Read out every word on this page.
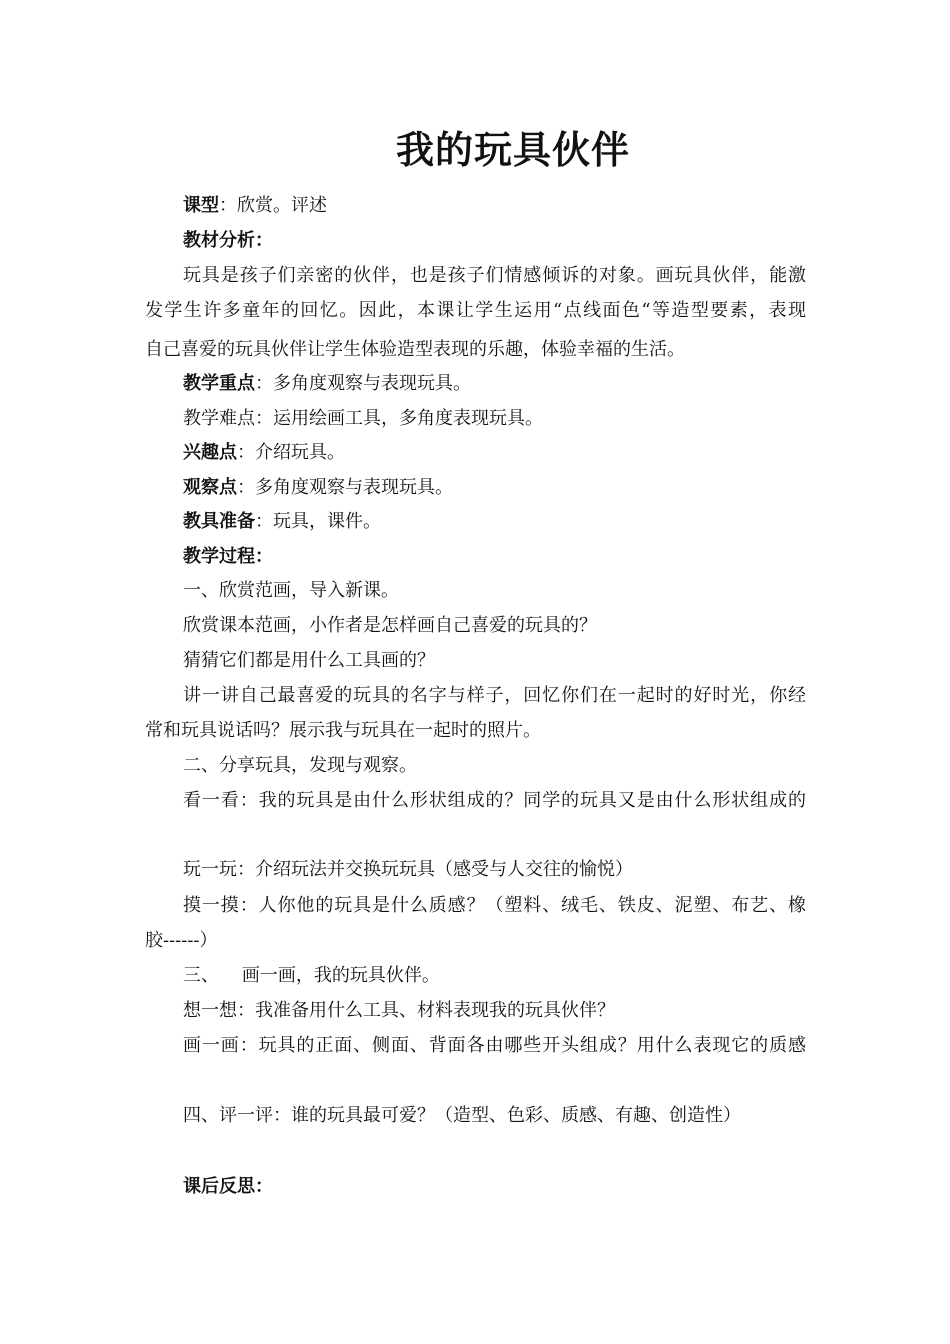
我的玩具伙伴
课型：欣赏。评述
教材分析：
玩具是孩子们亲密的伙伴，也是孩子们情感倾诉的对象。画玩具伙伴，能激
发学生许多童年的回忆。因此，本课让学生运用“点线面色“等造型要素，表现
自己喜爱的玩具伙伴让学生体验造型表现的乐趣，体验幸福的生活。
教学重点：多角度观察与表现玩具。
教学难点：运用绘画工具，多角度表现玩具。
兴趣点：介绍玩具。
观察点：多角度观察与表现玩具。
教具准备：玩具，课件。
教学过程：
一、欣赏范画，导入新课。
欣赏课本范画，小作者是怎样画自己喜爱的玩具的？
猜猜它们都是用什么工具画的？
讲一讲自己最喜爱的玩具的名字与样子，回忆你们在一起时的好时光，你经
常和玩具说话吗？展示我与玩具在一起时的照片。
二、分享玩具，发现与观察。
看一看：我的玩具是由什么形状组成的？同学的玩具又是由什么形状组成的
玩一玩：介绍玩法并交换玩玩具（感受与人交往的愉悦）
摸一摸：人你他的玩具是什么质感？（塑料、绒毛、铁皮、泥塑、布艺、橡
胶------）
三、    画一画，我的玩具伙伴。
想一想：我准备用什么工具、材料表现我的玩具伙伴？
画一画：玩具的正面、侧面、背面各由哪些开头组成？用什么表现它的质感
四、评一评：谁的玩具最可爱？（造型、色彩、质感、有趣、创造性）
课后反思：
